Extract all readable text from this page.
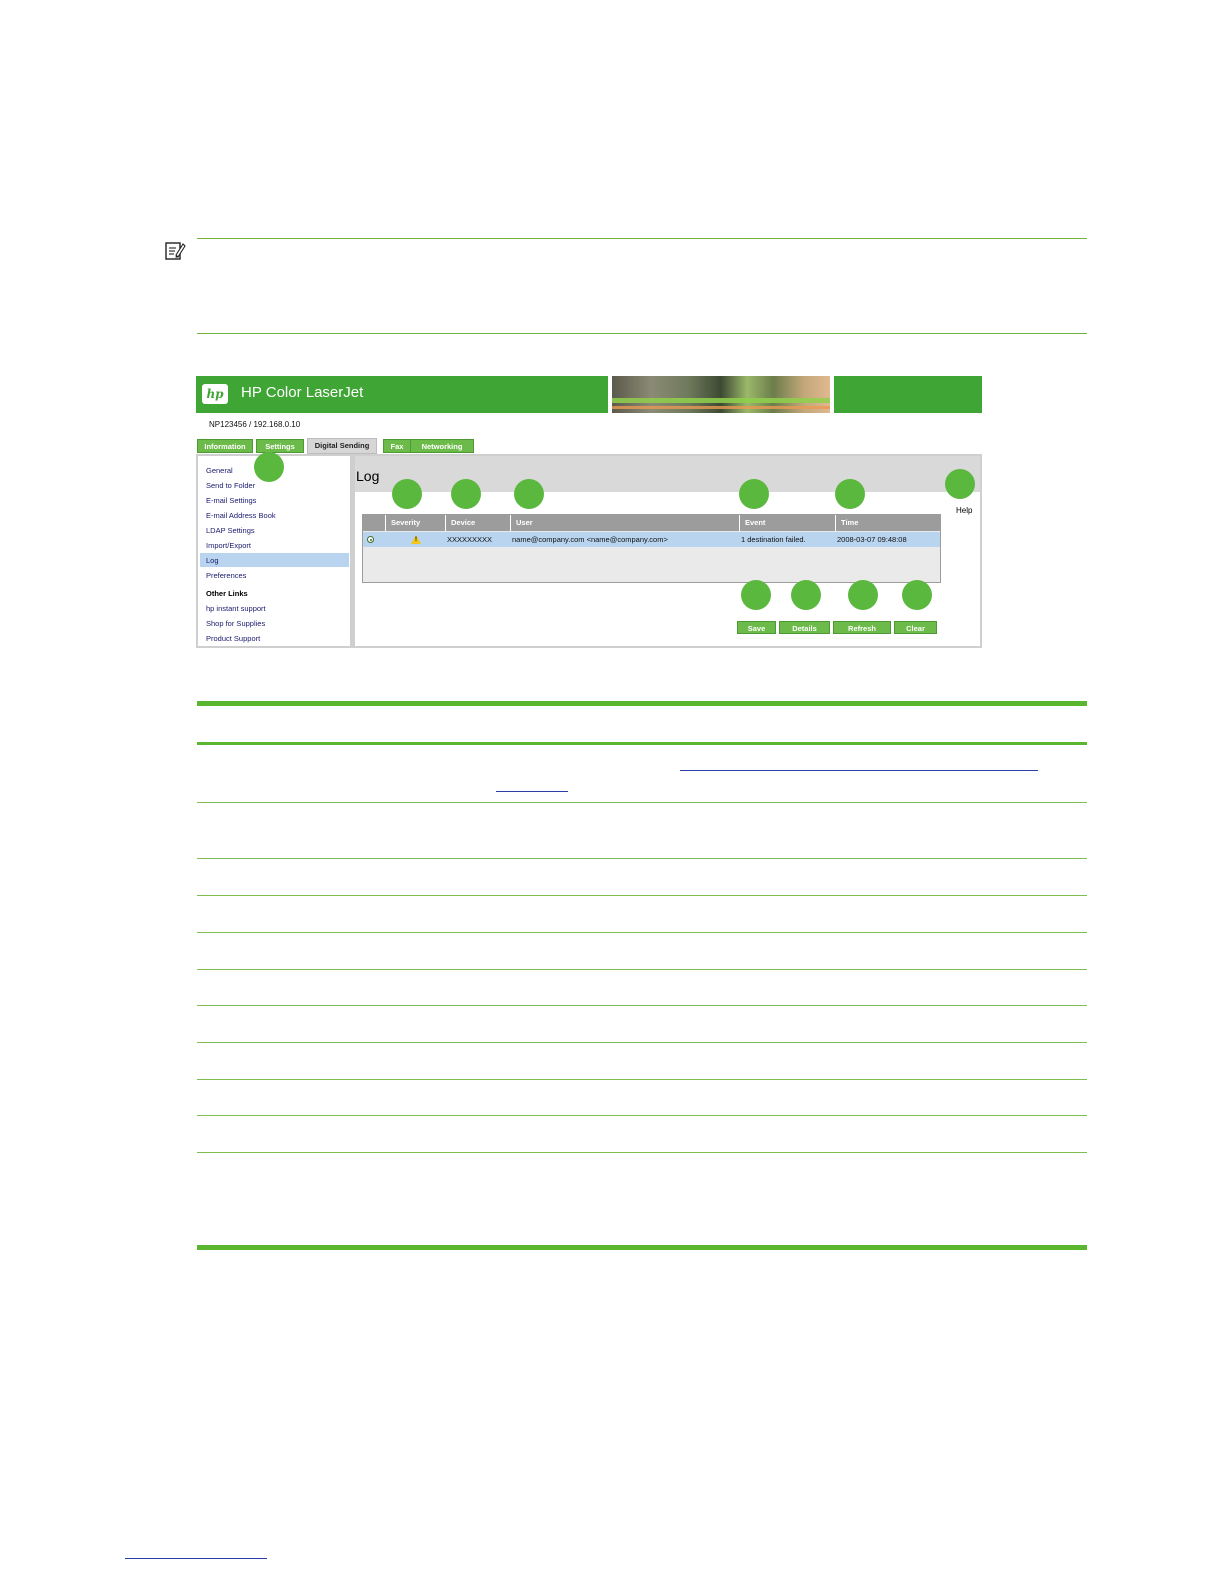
hp HP Color LaserJet
NP123456 / 192.168.0.10
Information	Settings	Digital Sending	Fax	Networking
General
Send to Folder
E-mail Settings
E-mail Address Book
LDAP Settings
Import/Export
Log
Preferences
Other Links
hp instant support
Shop for Supplies
Product Support
Log
Help
Severity	Device	User	Event	Time
!	XXXXXXXXX	name@company.com <name@company.com>	1 destination failed.	2008-03-07 09:48:08
Save	Details	Refresh	Clear
